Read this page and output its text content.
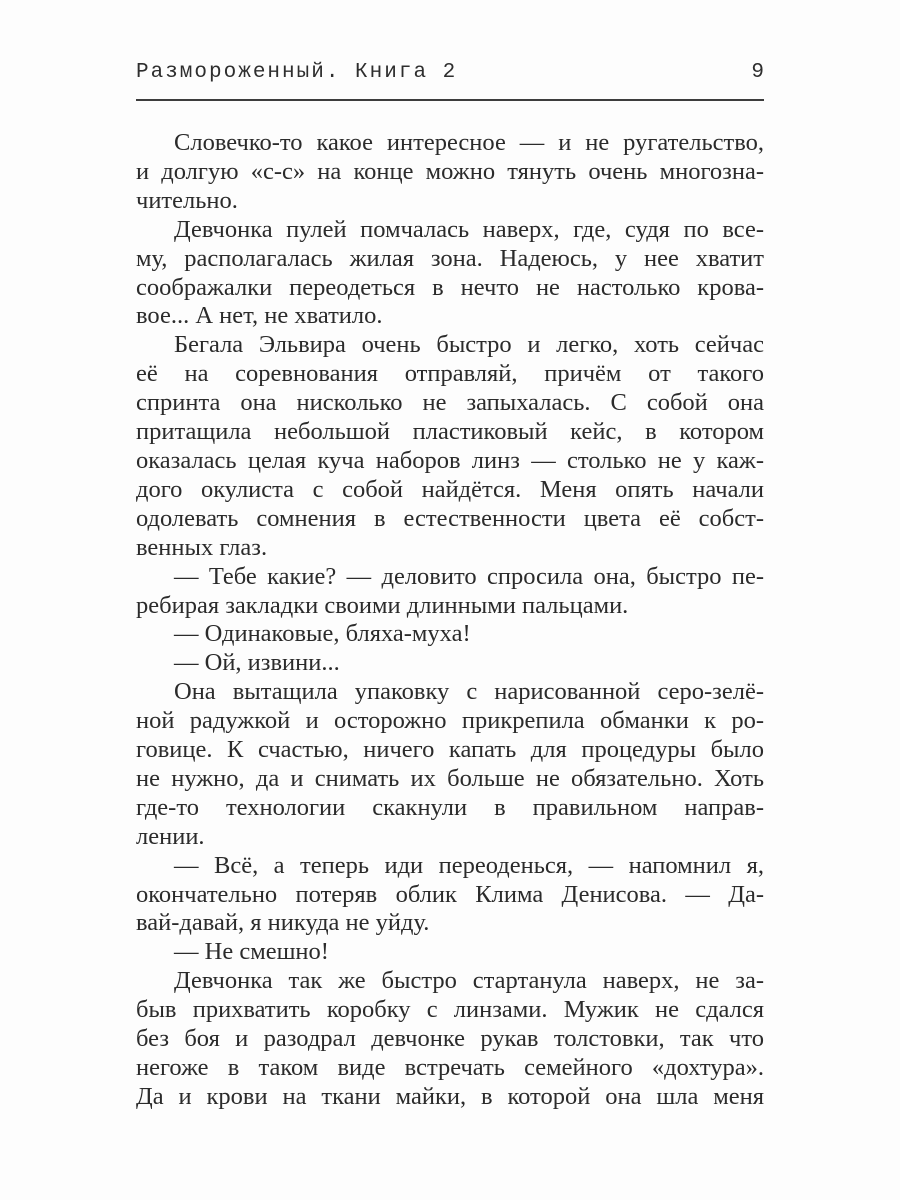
Размороженный. Книга 2	9
Словечко-то какое интересное — и не ругательство,
и долгую «с-с» на конце можно тянуть очень многозна-
чительно.
Девчонка пулей помчалась наверх, где, судя по все-
му, располагалась жилая зона. Надеюсь, у нее хватит
соображалки переодеться в нечто не настолько крова-
вое... А нет, не хватило.
Бегала Эльвира очень быстро и легко, хоть сейчас
её на соревнования отправляй, причём от такого
спринта она нисколько не запыхалась. С собой она
притащила небольшой пластиковый кейс, в котором
оказалась целая куча наборов линз — столько не у каж-
дого окулиста с собой найдётся. Меня опять начали
одолевать сомнения в естественности цвета её собст-
венных глаз.
— Тебе какие? — деловито спросила она, быстро пе-
ребирая закладки своими длинными пальцами.
— Одинаковые, бляха-муха!
— Ой, извини...
Она вытащила упаковку с нарисованной серо-зелё-
ной радужкой и осторожно прикрепила обманки к ро-
говице. К счастью, ничего капать для процедуры было
не нужно, да и снимать их больше не обязательно. Хоть
где-то технологии скакнули в правильном направ-
лении.
— Всё, а теперь иди переоденься, — напомнил я,
окончательно потеряв облик Клима Денисова. — Да-
вай-давай, я никуда не уйду.
— Не смешно!
Девчонка так же быстро стартанула наверх, не за-
быв прихватить коробку с линзами. Мужик не сдался
без боя и разодрал девчонке рукав толстовки, так что
негоже в таком виде встречать семейного «дохтура».
Да и крови на ткани майки, в которой она шла меня
